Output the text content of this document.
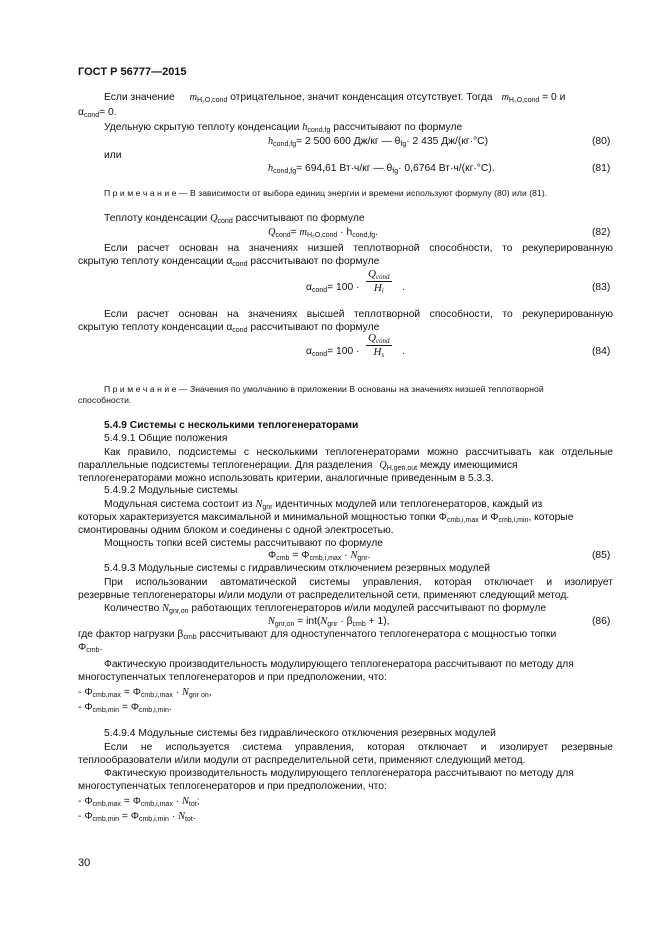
ГОСТ Р 56777—2015
Если значение $m_{H_2O,cond}$ отрицательное, значит конденсация отсутствует. Тогда $m_{H_2O,cond} = 0$ и
$\alpha_{cond}= 0$.
Удельную скрытую теплоту конденсации $h_{cond,fg}$ рассчитывают по формуле
$h_{cond,fg}= 2$ 500 600 Дж/кг — $\theta_{fg}\cdot 2$ 435 Дж/(кг·°С)	(80)
или
$h_{cond,fg}= 694,61$ Вт·ч/кг — $\theta_{fg}\cdot 0,6764$ Вт·ч/(кг·°С).	(81)
П р и м е ч а н и е — В зависимости от выбора единиц энергии и времени используют формулу (80) или (81).
Теплоту конденсации $Q_{cond}$ рассчитывают по формуле
$Q_{cond}= m_{H_2O,cond} \cdot h_{cond,fg}$.	(82)
Если расчет основан на значениях низшей теплотворной способности, то рекуперированную
скрытую теплоту конденсации $\alpha_{cond}$ рассчитывают по формуле
$\alpha_{cond}= 100$ ·
$Q_{cond}$
$H_i$	.	(83)
Если расчет основан на значениях высшей теплотворной способности, то рекуперированную
скрытую теплоту конденсации $\alpha_{cond}$ рассчитывают по формуле
$\alpha_{cond}= 100$ ·
$Q_{cond}$
$H_s$	.	(84)
П р и м е ч а н и е — Значения по умолчанию в приложении В основаны на значениях низшей теплотворной
способности.
5.4.9 Системы с несколькими теплогенераторами
5.4.9.1 Общие положения
Как правило, подсистемы с несколькими теплогенераторами можно рассчитывать как отдельные
параллельные подсистемы теплогенерации. Для разделения $Q_{H,gen,out}$ между имеющимися
теплогенераторами можно использовать критерии, аналогичные приведенным в 5.3.3.
5.4.9.2 Модульные системы
Модульная система состоит из $N_{gnr}$ идентичных модулей или теплогенераторов, каждый из
которых характеризуется максимальной и минимальной мощностью топки $\Phi_{cmb,i,max}$ и $\Phi_{cmb,i,min}$, которые
смонтированы одним блоком и соединены с одной электросетью.
Мощность топки всей системы рассчитывают по формуле
$\Phi_{cmb} = \Phi_{cmb,i,max} \cdot N_{gnr}$.	(85)
5.4.9.3 Модульные системы с гидравлическим отключением резервных модулей
При использовании автоматической системы управления, которая отключает и изолирует
резервные теплогенераторы и/или модули от распределительной сети, применяют следующий метод.
Количество $N_{gnr,on}$ работающих теплогенераторов и/или модулей рассчитывают по формуле
$N_{gnr,on} = int(N_{gnr} \cdot \beta_{cmb} + 1)$,	(86)
где фактор нагрузки $\beta_{cmb}$ рассчитывают для одноступенчатого теплогенератора с мощностью топки
$\Phi_{cmb}$.
Фактическую производительность модулирующего теплогенератора рассчитывают по методу для
многоступенчатых теплогенераторов и при предположении, что:
- $\Phi_{cmb,max} = \Phi_{cmb,i,max} \cdot N_{gnr on}$,
- $\Phi_{cmb,min} = \Phi_{cmb,i,min}$.
5.4.9.4 Модульные системы без гидравлического отключения резервных модулей
Если не используется система управления, которая отключает и изолирует резервные
теплообразователи и/или модули от распределительной сети, применяют следующий метод.
Фактическую производительность модулирующего теплогенератора рассчитывают по методу для
многоступенчатых теплогенераторов и при предположении, что:
- $\Phi_{cmb,max} = \Phi_{cmb,i,max} \cdot N_{tot}$;
- $\Phi_{cmb,min} = \Phi_{cmb,i,min} \cdot N_{tot}$.
30
